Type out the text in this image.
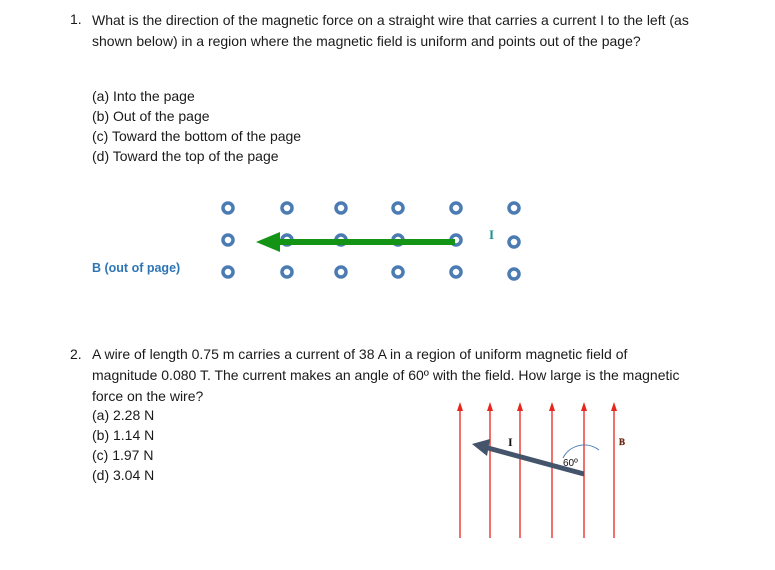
1. What is the direction of the magnetic force on a straight wire that carries a current I to the left (as shown below) in a region where the magnetic field is uniform and points out of the page?
(a) Into the page
(b) Out of the page
(c) Toward the bottom of the page
(d) Toward the top of the page
B (out of page)
I
I	B
60º
2. A wire of length 0.75 m carries a current of 38 A in a region of uniform magnetic field of magnitude 0.080 T. The current makes an angle of 60º with the field. How large is the magnetic force on the wire?
(a) 2.28 N
(b) 1.14 N
(c) 1.97 N
(d) 3.04 N
